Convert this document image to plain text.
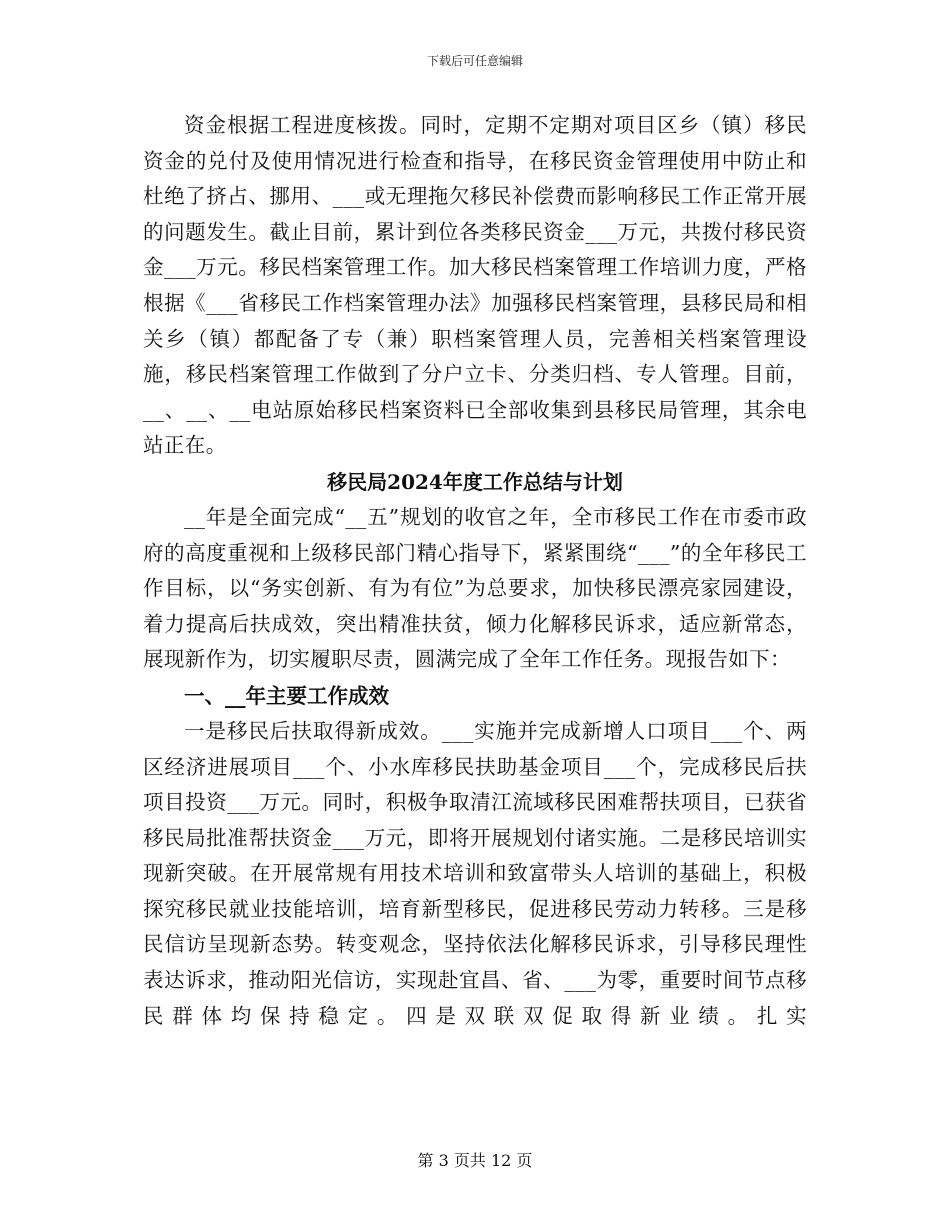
下载后可任意编辑

资金根据工程进度核拨。同时，定期不定期对项目区乡（镇）移民资金的兑付及使用情况进行检查和指导，在移民资金管理使用中防止和杜绝了挤占、挪用、___或无理拖欠移民补偿费而影响移民工作正常开展的问题发生。截止目前，累计到位各类移民资金___万元，共拨付移民资金___万元。移民档案管理工作。加大移民档案管理工作培训力度，严格根据《___省移民工作档案管理办法》加强移民档案管理，县移民局和相关乡（镇）都配备了专（兼）职档案管理人员，完善相关档案管理设施，移民档案管理工作做到了分户立卡、分类归档、专人管理。目前，__、__、__电站原始移民档案资料已全部收集到县移民局管理，其余电站正在。

移民局2024年度工作总结与计划

__年是全面完成“__五”规划的收官之年，全市移民工作在市委市政府的高度重视和上级移民部门精心指导下，紧紧围绕“___”的全年移民工作目标，以“务实创新、有为有位”为总要求，加快移民漂亮家园建设，着力提高后扶成效，突出精准扶贫，倾力化解移民诉求，适应新常态，展现新作为，切实履职尽责，圆满完成了全年工作任务。现报告如下：

一、__年主要工作成效

一是移民后扶取得新成效。___实施并完成新增人口项目___个、两区经济进展项目___个、小水库移民扶助基金项目___个，完成移民后扶项目投资___万元。同时，积极争取清江流域移民困难帮扶项目，已获省移民局批准帮扶资金___万元，即将开展规划付诸实施。二是移民培训实现新突破。在开展常规有用技术培训和致富带头人培训的基础上，积极探究移民就业技能培训，培育新型移民，促进移民劳动力转移。三是移民信访呈现新态势。转变观念，坚持依法化解移民诉求，引导移民理性表达诉求，推动阳光信访，实现赴宜昌、省、___为零，重要时间节点移民群体均保持稳定。四是双联双促取得新业绩。扎实

第 3 页共 12 页
